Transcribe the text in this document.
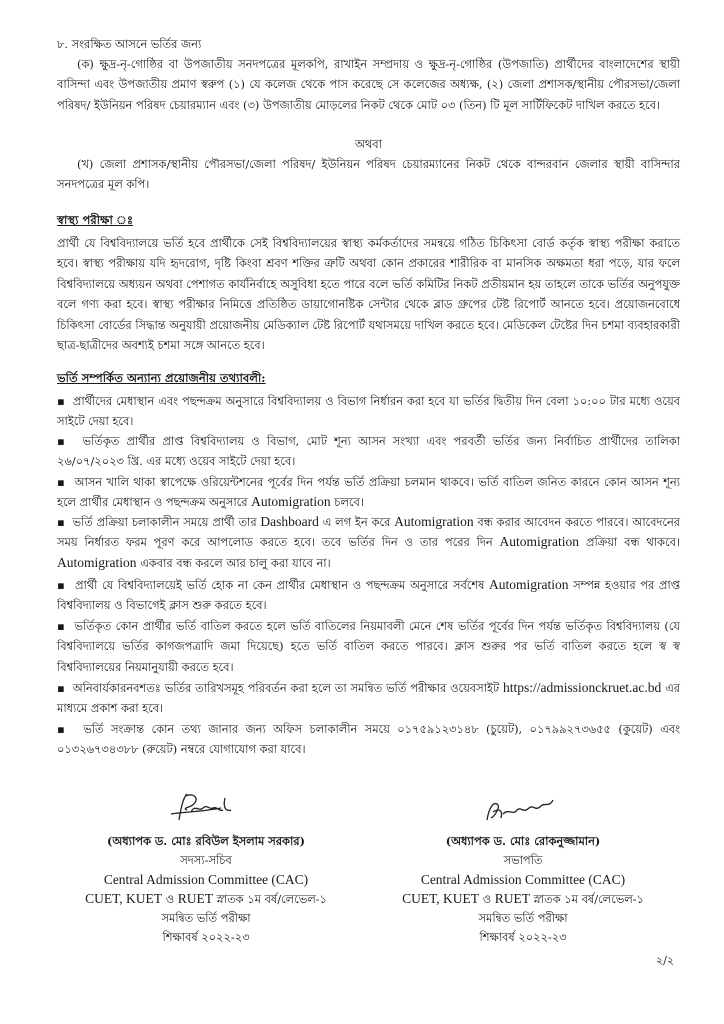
৮. সংরক্ষিত আসনে ভর্তির জন্য
(ক) ক্ষুদ্র-নৃ-গোষ্ঠির বা উপজাতীয় সনদপত্রের মূলকপি, রাখাইন সম্প্রদায় ও ক্ষুদ্র-নৃ-গোষ্ঠির (উপজাতি) প্রার্থীদের বাংলাদেশের স্থায়ী বাসিন্দা এবং উপজাতীয় প্রমাণ স্বরুপ (১) যে কলেজ থেকে পাস করেছে সে কলেজের অধ্যক্ষ, (২) জেলা প্রশাসক/স্থানীয় পৌরসভা/জেলা পরিষদ/ ইউনিয়ন পরিষদ চেয়ারম্যান এবং (৩) উপজাতীয় মোড়লের নিকট থেকে মোট ০৩ (তিন) টি মূল সার্টিফিকেট দাখিল করতে হবে।
অথবা
(খ) জেলা প্রশাসক/স্থানীয় পৌরসভা/জেলা পরিষদ/ ইউনিয়ন পরিষদ চেয়ারম্যানের নিকট থেকে বান্দরবান জেলার স্থায়ী বাসিন্দার সনদপত্রের মূল কপি।
স্বাস্থ্য পরীক্ষা ঃ
প্রার্থী যে বিশ্ববিদ্যালয়ে ভর্তি হবে প্রার্থীকে সেই বিশ্ববিদ্যালয়ের স্বাস্থ্য কর্মকর্তাদের সমন্বয়ে গঠিত চিকিৎসা বোর্ড কর্তৃক স্বাস্থ্য পরীক্ষা করাতে হবে। স্বাস্থ্য পরীক্ষায় যদি হৃদরোগ, দৃষ্টি কিংবা শ্রবণ শক্তির ত্রুটি অথবা কোন প্রকারের শারীরিক বা মানসিক অক্ষমতা ধরা পড়ে, যার ফলে বিশ্ববিদ্যালয়ে অধ্যয়ন অথবা পেশাগত কার্যনির্বাহে অসুবিধা হতে পারে বলে ভর্তি কমিটির নিকট প্রতীয়মান হয় তাহলে তাকে ভর্তির অনুপযুক্ত বলে গণ্য করা হবে। স্বাস্থ্য পরীক্ষার নিমিত্তে প্রতিষ্ঠিত ডায়াগোনষ্টিক সেন্টার থেকে ব্লাড গ্রুপের টেষ্ট রিপোর্ট আনতে হবে। প্রয়োজনবোধে চিকিৎসা বোর্ডের সিদ্ধান্ত অনুযায়ী প্রয়োজনীয় মেডিক্যাল টেষ্ট রিপোর্ট যথাসময়ে দাখিল করতে হবে। মেডিকেল টেষ্টের দিন চশমা ব্যবহারকারী ছাত্র-ছাত্রীদের অবশ্যই চশমা সঙ্গে আনতে হবে।
ভর্তি সম্পর্কিত অন্যান্য প্রয়োজনীয় তথ্যাবলী:
▪ প্রার্থীদের মেধাস্থান এবং পছন্দক্রম অনুসারে বিশ্ববিদ্যালয় ও বিভাগ নির্ধারন করা হবে যা ভর্তির দ্বিতীয় দিন বেলা ১০:০০ টার মধ্যে ওয়েব সাইটে দেয়া হবে।
▪ ভর্তিকৃত প্রার্থীর প্রাপ্ত বিশ্ববিদ্যালয় ও বিভাগ, মোট শূন্য আসন সংখ্যা এবং পরবর্তী ভর্তির জন্য নির্বাচিত প্রার্থীদের তালিকা ২৬/০৭/২০২৩ খ্রি. এর মধ্যে ওয়েব সাইটে দেয়া হবে।
▪ আসন খালি থাকা স্বাপেক্ষে ওরিয়েন্টশনের পূর্বের দিন পর্যন্ত ভর্তি প্রক্রিয়া চলমান থাকবে। ভর্তি বাতিল জনিত কারনে কোন আসন শূন্য হলে প্রার্থীর মেধাস্থান ও পছন্দক্রম অনুসারে Automigration চলবে।
▪ ভর্তি প্রক্রিয়া চলাকালীন সময়ে প্রার্থী তার Dashboard এ লগ ইন করে Automigration বন্ধ করার আবেদন করতে পারবে। আবেদনের সময় নির্ধারত ফরম পূরণ করে আপলোড করতে হবে। তবে ভর্তির দিন ও তার পরের দিন Automigration প্রক্রিয়া বন্ধ থাকবে। Automigration একবার বন্ধ করলে আর চালু করা যাবে না।
▪ প্রার্থী যে বিশ্ববিদ্যালয়েই ভর্তি হোক না কেন প্রার্থীর মেধাস্থান ও পছন্দক্রম অনুসারে সর্বশেষ Automigration সম্পন্ন হওয়ার পর প্রাপ্ত বিশ্ববিদ্যালয় ও বিভাগেই ক্লাস শুরু করতে হবে।
▪ ভর্তিকৃত কোন প্রার্থীর ভর্তি বাতিল করতে হলে ভর্তি বাতিলের নিয়মাবলী মেনে শেষ ভর্তির পূর্বের দিন পর্যন্ত ভর্তিকৃত বিশ্ববিদ্যালয় (যে বিশ্ববিদ্যালয়ে ভর্তির কাগজপত্রাদি জমা দিয়েছে) হতে ভর্তি বাতিল করতে পারবে। ক্লাস শুরুর পর ভর্তি বাতিল করতে হলে স্ব স্ব বিশ্ববিদ্যালয়ের নিয়মানুযায়ী করতে হবে।
▪ অনিবার্যকারনবশতঃ ভর্তির তারিখসমূহ পরিবর্তন করা হলে তা সমন্বিত ভর্তি পরীক্ষার ওয়েবসাইট https://admissionckruet.ac.bd এর মাধ্যমে প্রকাশ করা হবে।
▪ ভর্তি সংক্রান্ত কোন তথ্য জানার জন্য অফিস চলাকালীন সময়ে ০১৭৫৯১২৩১৪৮ (চুয়েট), ০১৭৯৯২৭৩৬৫৫ (কুয়েট) এবং ০১৩২৬৭৩৪৩৮৮ (রুয়েট) নম্বরে যোগাযোগ করা যাবে।
(অধ্যাপক ড. মোঃ রবিউল ইসলাম সরকার)
সদস্য-সচিব
Central Admission Committee (CAC)
CUET, KUET ও RUET স্নাতক ১ম বর্ষ/লেভেল-১
সমন্বিত ভর্তি পরীক্ষা
শিক্ষাবর্ষ ২০২২-২৩
(অধ্যাপক ড. মোঃ রোকনুজ্জামান)
সভাপতি
Central Admission Committee (CAC)
CUET, KUET ও RUET স্নাতক ১ম বর্ষ/লেভেল-১
সমন্বিত ভর্তি পরীক্ষা
শিক্ষাবর্ষ ২০২২-২৩
২/২
